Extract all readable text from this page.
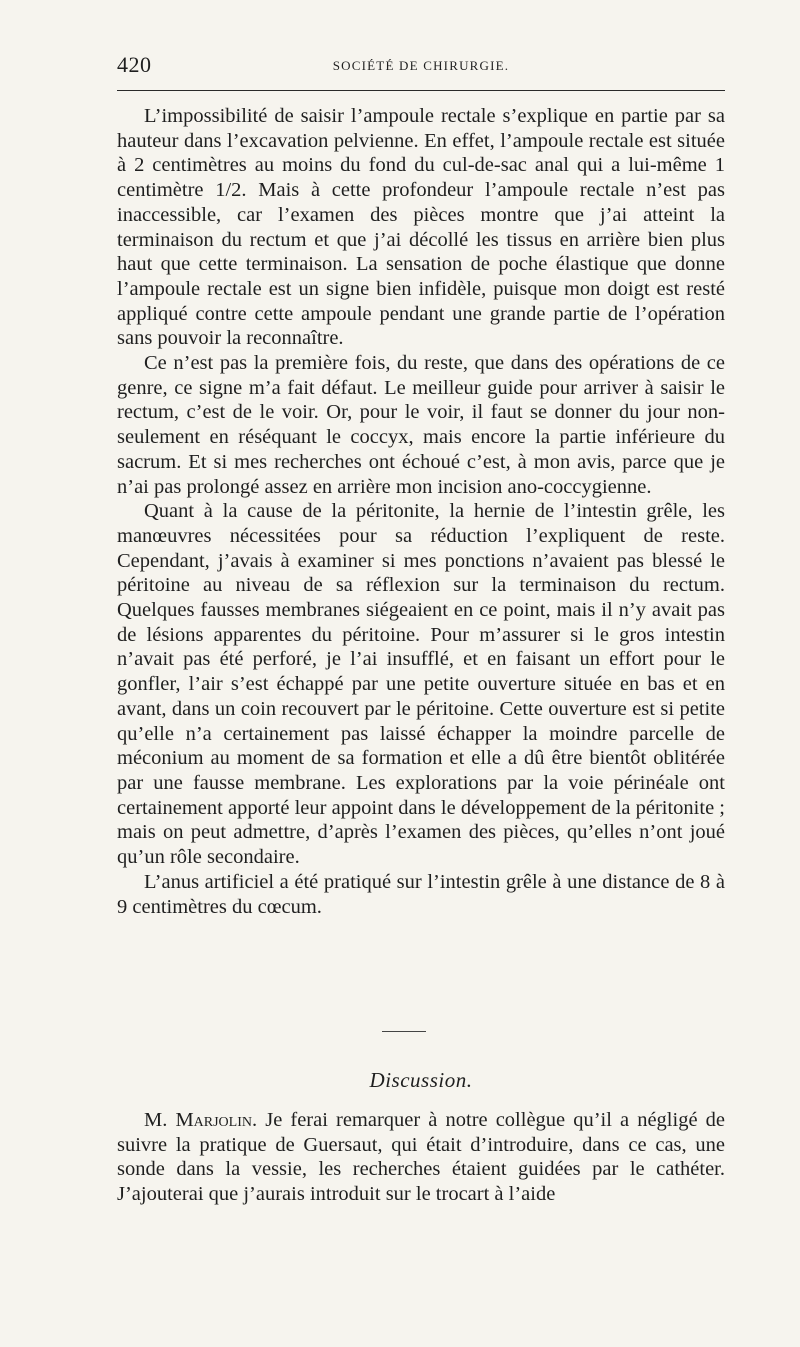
420	SOCIÉTÉ DE CHIRURGIE.

L’impossibilité de saisir l’ampoule rectale s’explique en partie par sa hauteur dans l’excavation pelvienne. En effet, l’ampoule rectale est située à 2 centimètres au moins du fond du cul-de-sac anal qui a lui-même 1 centimètre 1/2. Mais à cette profondeur l’ampoule rectale n’est pas inaccessible, car l’examen des pièces montre que j’ai atteint la terminaison du rectum et que j’ai décollé les tissus en arrière bien plus haut que cette terminaison. La sensation de poche élastique que donne l’ampoule rectale est un signe bien infidèle, puisque mon doigt est resté appliqué contre cette ampoule pendant une grande partie de l’opération sans pouvoir la reconnaître.

Ce n’est pas la première fois, du reste, que dans des opérations de ce genre, ce signe m’a fait défaut. Le meilleur guide pour arriver à saisir le rectum, c’est de le voir. Or, pour le voir, il faut se donner du jour non-seulement en réséquant le coccyx, mais encore la partie inférieure du sacrum. Et si mes recherches ont échoué c’est, à mon avis, parce que je n’ai pas prolongé assez en arrière mon incision ano-coccygienne.

Quant à la cause de la péritonite, la hernie de l’intestin grêle, les manœuvres nécessitées pour sa réduction l’expliquent de reste. Cependant, j’avais à examiner si mes ponctions n’avaient pas blessé le péritoine au niveau de sa réflexion sur la terminaison du rectum. Quelques fausses membranes siégeaient en ce point, mais il n’y avait pas de lésions apparentes du péritoine. Pour m’assurer si le gros intestin n’avait pas été perforé, je l’ai insufflé, et en faisant un effort pour le gonfler, l’air s’est échappé par une petite ouverture située en bas et en avant, dans un coin recouvert par le péritoine. Cette ouverture est si petite qu’elle n’a certainement pas laissé échapper la moindre parcelle de méconium au moment de sa formation et elle a dû être bientôt oblitérée par une fausse membrane. Les explorations par la voie périnéale ont certainement apporté leur appoint dans le développement de la péritonite ; mais on peut admettre, d’après l’examen des pièces, qu’elles n’ont joué qu’un rôle secondaire.

L’anus artificiel a été pratiqué sur l’intestin grêle à une distance de 8 à 9 centimètres du cœcum.

Discussion.

M. Marjolin. Je ferai remarquer à notre collègue qu’il a négligé de suivre la pratique de Guersaut, qui était d’introduire, dans ce cas, une sonde dans la vessie, les recherches étaient guidées par le cathéter. J’ajouterai que j’aurais introduit sur le trocart à l’aide
